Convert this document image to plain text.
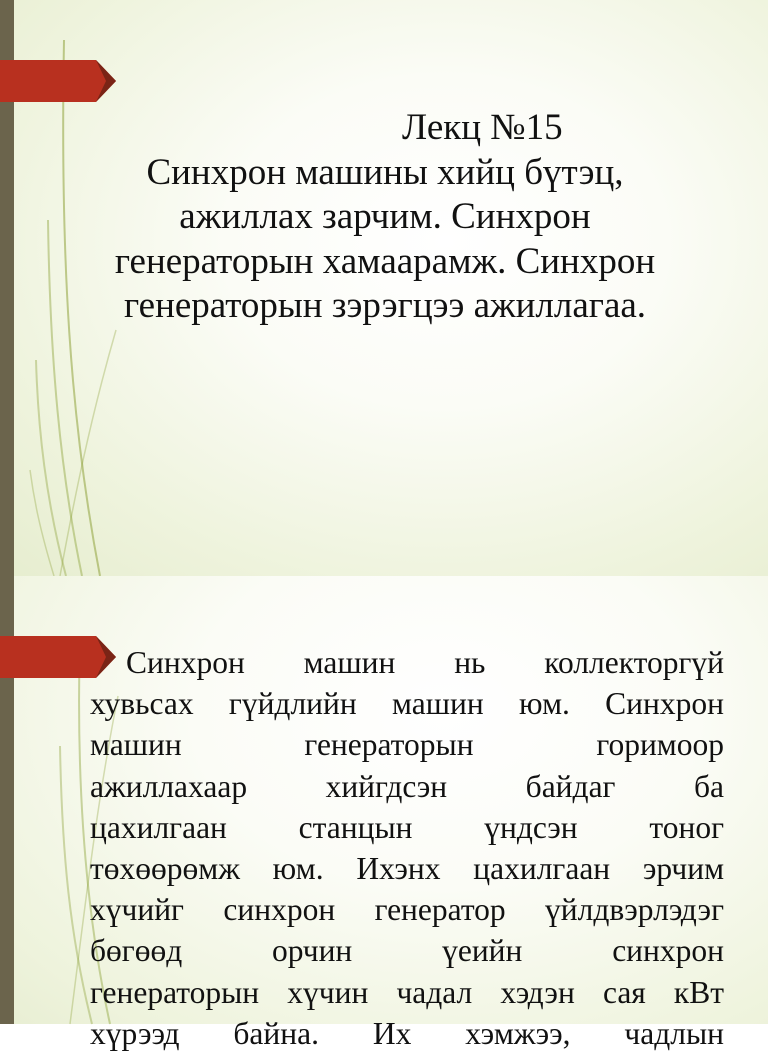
Лекц №15
Синхрон машины хийц бүтэц,
ажиллах зарчим. Синхрон
генераторын хамаарамж. Синхрон
генераторын зэрэгцээ ажиллагаа.
Синхрон машин нь коллекторгүй
хувьсах гүйдлийн машин юм. Синхрон
машин генераторын горимоор
ажиллахаар хийгдсэн байдаг ба
цахилгаан станцын үндсэн тоног
төхөөрөмж юм. Ихэнх цахилгаан эрчим
хүчийг синхрон генератор үйлдвэрлэдэг
бөгөөд орчин үеийн синхрон
генераторын хүчин чадал хэдэн сая кВт
хүрээд байна. Их хэмжээ, чадлын
